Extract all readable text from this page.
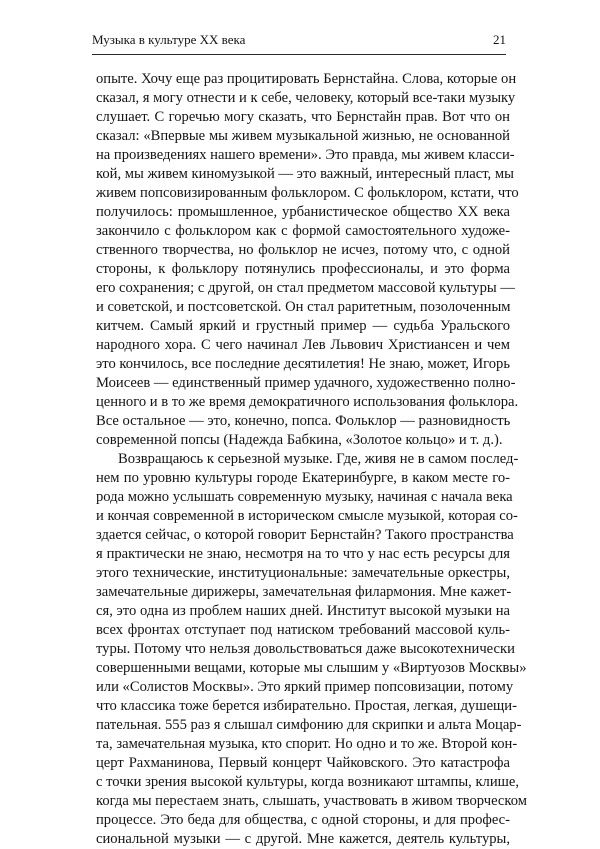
Музыка в культуре XX века	21
опыте. Хочу еще раз процитировать Бернстайна. Слова, которые он
сказал, я могу отнести и к себе, человеку, который все-таки музыку
слушает. С горечью могу сказать, что Бернстайн прав. Вот что он
сказал: «Впервые мы живем музыкальной жизнью, не основанной
на произведениях нашего времени». Это правда, мы живем класси-
кой, мы живем киномузыкой — это важный, интересный пласт, мы
живем попсовизированным фольклором. С фольклором, кстати, что
получилось: промышленное, урбанистическое общество XX века
закончило с фольклором как с формой самостоятельного художе-
ственного творчества, но фольклор не исчез, потому что, с одной
стороны, к фольклору потянулись профессионалы, и это форма
его сохранения; с другой, он стал предметом массовой культуры —
и советской, и постсоветской. Он стал раритетным, позолоченным
китчем. Самый яркий и грустный пример — судьба Уральского
народного хора. С чего начинал Лев Львович Христиансен и чем
это кончилось, все последние десятилетия! Не знаю, может, Игорь
Моисеев — единственный пример удачного, художественно полно-
ценного и в то же время демократичного использования фольклора.
Все остальное — это, конечно, попса. Фольклор — разновидность
современной попсы (Надежда Бабкина, «Золотое кольцо» и т. д.).
Возвращаюсь к серьезной музыке. Где, живя не в самом послед-
нем по уровню культуры городе Екатеринбурге, в каком месте го-
рода можно услышать современную музыку, начиная с начала века
и кончая современной в историческом смысле музыкой, которая со-
здается сейчас, о которой говорит Бернстайн? Такого пространства
я практически не знаю, несмотря на то что у нас есть ресурсы для
этого технические, институциональные: замечательные оркестры,
замечательные дирижеры, замечательная филармония. Мне кажет-
ся, это одна из проблем наших дней. Институт высокой музыки на
всех фронтах отступает под натиском требований массовой куль-
туры. Потому что нельзя довольствоваться даже высокотехнически
совершенными вещами, которые мы слышим у «Виртуозов Москвы»
или «Солистов Москвы». Это яркий пример попсовизации, потому
что классика тоже берется избирательно. Простая, легкая, душещи-
пательная. 555 раз я слышал симфонию для скрипки и альта Моцар-
та, замечательная музыка, кто спорит. Но одно и то же. Второй кон-
церт Рахманинова, Первый концерт Чайковского. Это катастрофа
с точки зрения высокой культуры, когда возникают штампы, клише,
когда мы перестаем знать, слышать, участвовать в живом творческом
процессе. Это беда для общества, с одной стороны, и для профес-
сиональной музыки — с другой. Мне кажется, деятель культуры,
